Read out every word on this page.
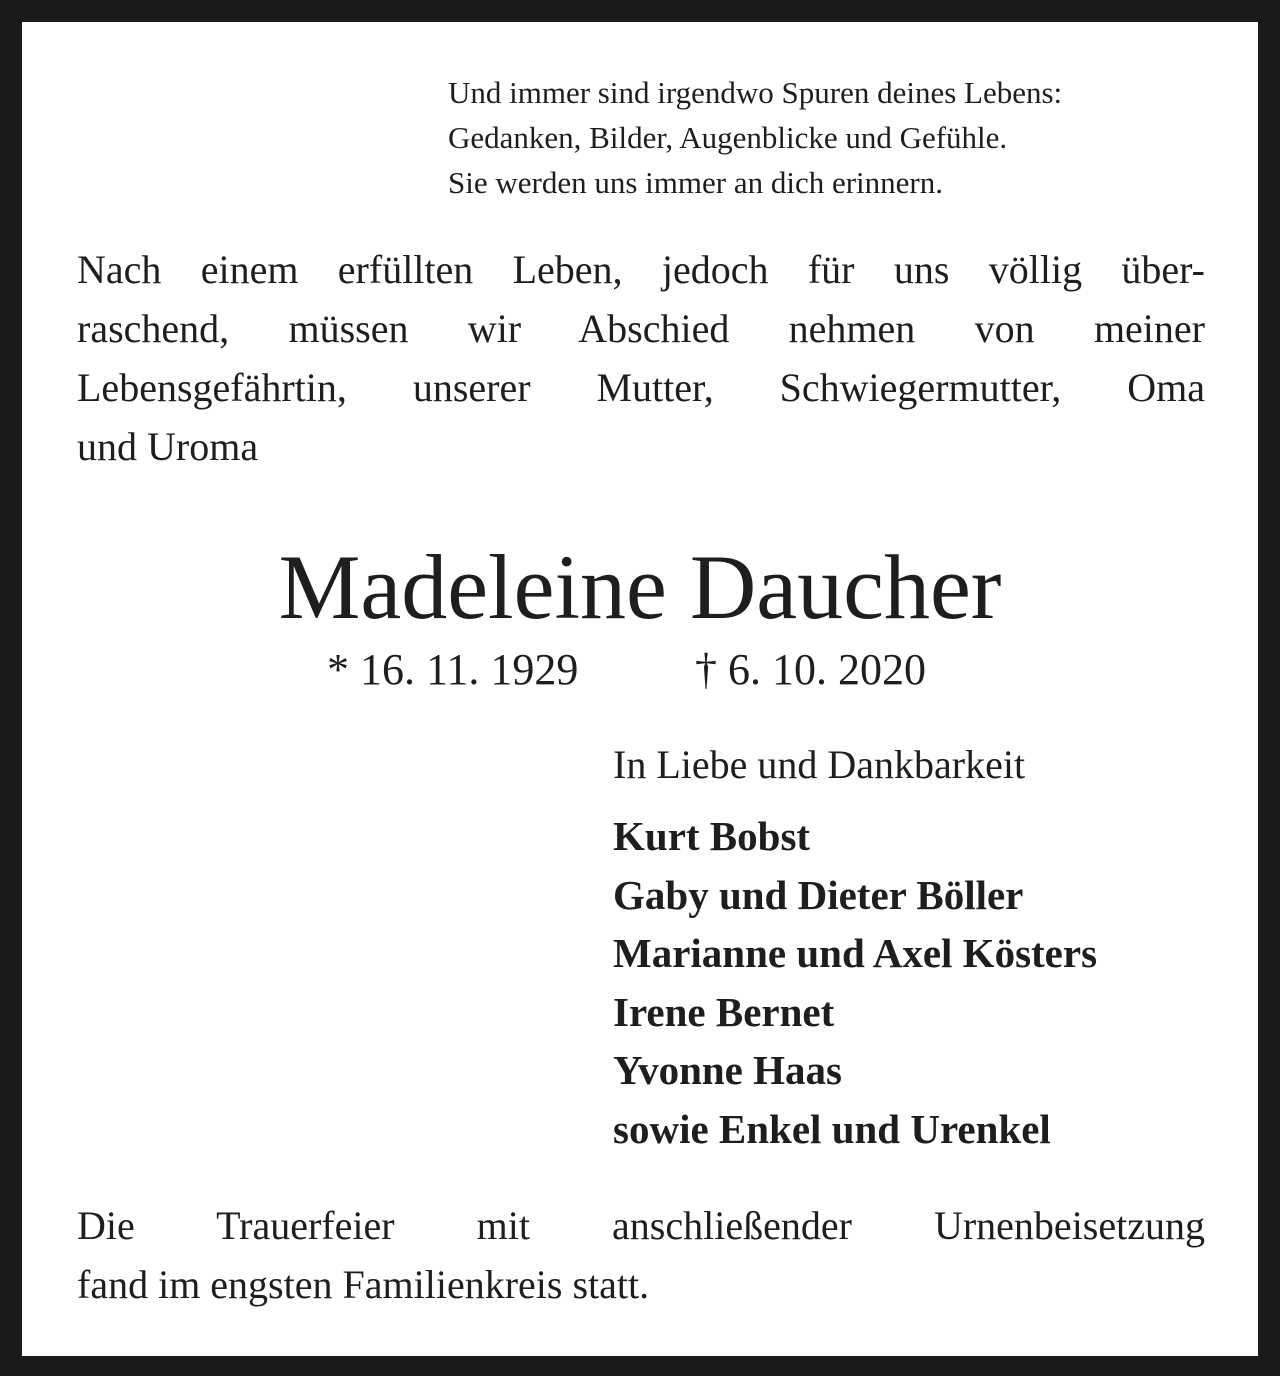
Und immer sind irgendwo Spuren deines Lebens:
Gedanken, Bilder, Augenblicke und Gefühle.
Sie werden uns immer an dich erinnern.
Nach einem erfüllten Leben, jedoch für uns völlig über-
raschend, müssen wir Abschied nehmen von meiner
Lebensgefährtin, unserer Mutter, Schwiegermutter, Oma
und Uroma
Madeleine Daucher
* 16. 11. 1929	† 6. 10. 2020
In Liebe und Dankbarkeit
Kurt Bobst
Gaby und Dieter Böller
Marianne und Axel Kösters
Irene Bernet
Yvonne Haas
sowie Enkel und Urenkel
Die Trauerfeier mit anschließender Urnenbeisetzung
fand im engsten Familienkreis statt.
